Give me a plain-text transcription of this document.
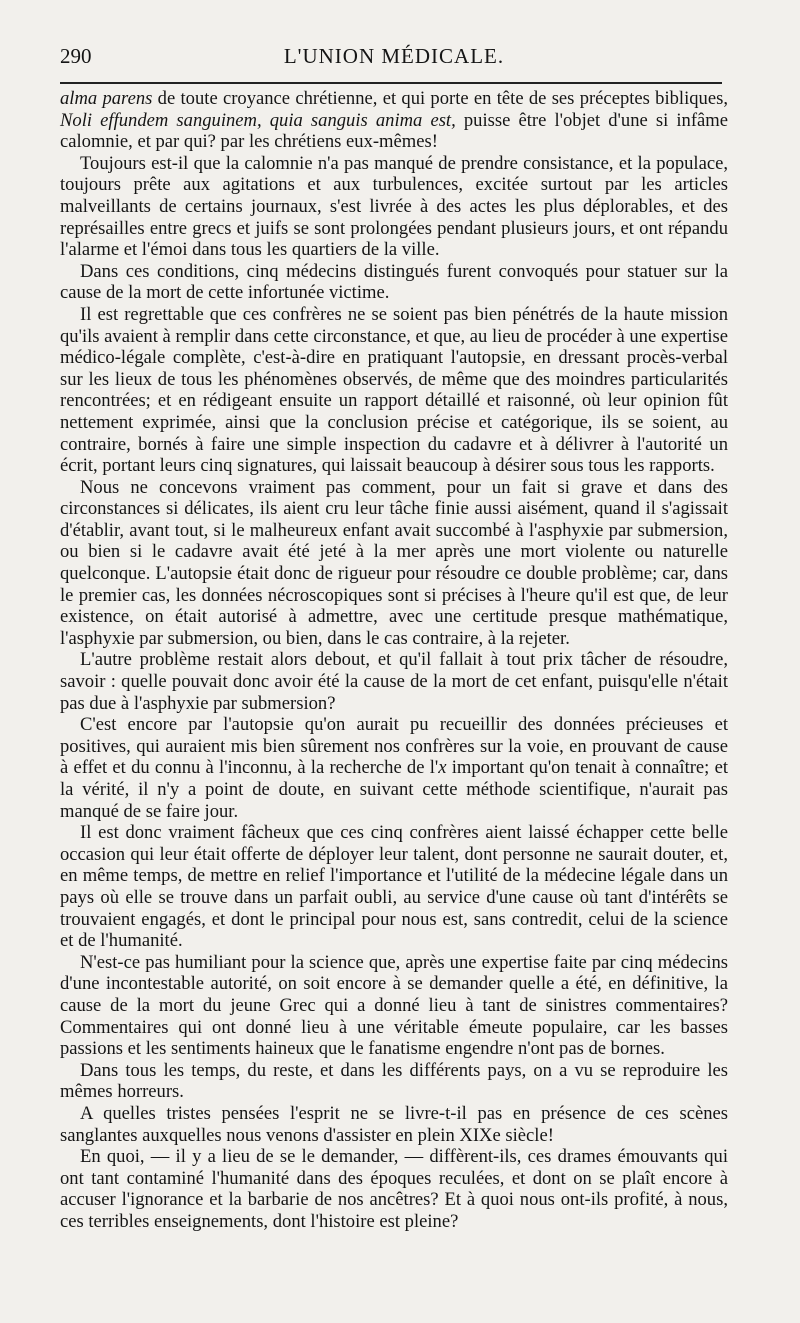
290	L'UNION MÉDICALE.

alma parens de toute croyance chrétienne, et qui porte en tête de ses préceptes bibliques, Noli effundem sanguinem, quia sanguis anima est, puisse être l'objet d'une si infâme calomnie, et par qui? par les chrétiens eux-mêmes!

Toujours est-il que la calomnie n'a pas manqué de prendre consistance, et la populace, toujours prête aux agitations et aux turbulences, excitée surtout par les articles malveillants de certains journaux, s'est livrée à des actes les plus déplorables, et des représailles entre grecs et juifs se sont prolongées pendant plusieurs jours, et ont répandu l'alarme et l'émoi dans tous les quartiers de la ville.

Dans ces conditions, cinq médecins distingués furent convoqués pour statuer sur la cause de la mort de cette infortunée victime.

Il est regrettable que ces confrères ne se soient pas bien pénétrés de la haute mission qu'ils avaient à remplir dans cette circonstance, et que, au lieu de procéder à une expertise médico-légale complète, c'est-à-dire en pratiquant l'autopsie, en dressant procès-verbal sur les lieux de tous les phénomènes observés, de même que des moindres particularités rencontrées; et en rédigeant ensuite un rapport détaillé et raisonné, où leur opinion fût nettement exprimée, ainsi que la conclusion précise et catégorique, ils se soient, au contraire, bornés à faire une simple inspection du cadavre et à délivrer à l'autorité un écrit, portant leurs cinq signatures, qui laissait beaucoup à désirer sous tous les rapports.

Nous ne concevons vraiment pas comment, pour un fait si grave et dans des circonstances si délicates, ils aient cru leur tâche finie aussi aisément, quand il s'agissait d'établir, avant tout, si le malheureux enfant avait succombé à l'asphyxie par submersion, ou bien si le cadavre avait été jeté à la mer après une mort violente ou naturelle quelconque. L'autopsie était donc de rigueur pour résoudre ce double problème; car, dans le premier cas, les données nécroscopiques sont si précises à l'heure qu'il est que, de leur existence, on était autorisé à admettre, avec une certitude presque mathématique, l'asphyxie par submersion, ou bien, dans le cas contraire, à la rejeter.

L'autre problème restait alors debout, et qu'il fallait à tout prix tâcher de résoudre, savoir : quelle pouvait donc avoir été la cause de la mort de cet enfant, puisqu'elle n'était pas due à l'asphyxie par submersion?

C'est encore par l'autopsie qu'on aurait pu recueillir des données précieuses et positives, qui auraient mis bien sûrement nos confrères sur la voie, en prouvant de cause à effet et du connu à l'inconnu, à la recherche de l'x important qu'on tenait à connaître; et la vérité, il n'y a point de doute, en suivant cette méthode scientifique, n'aurait pas manqué de se faire jour.

Il est donc vraiment fâcheux que ces cinq confrères aient laissé échapper cette belle occasion qui leur était offerte de déployer leur talent, dont personne ne saurait douter, et, en même temps, de mettre en relief l'importance et l'utilité de la médecine légale dans un pays où elle se trouve dans un parfait oubli, au service d'une cause où tant d'intérêts se trouvaient engagés, et dont le principal pour nous est, sans contredit, celui de la science et de l'humanité.

N'est-ce pas humiliant pour la science que, après une expertise faite par cinq médecins d'une incontestable autorité, on soit encore à se demander quelle a été, en définitive, la cause de la mort du jeune Grec qui a donné lieu à tant de sinistres commentaires? Commentaires qui ont donné lieu à une véritable émeute populaire, car les basses passions et les sentiments haineux que le fanatisme engendre n'ont pas de bornes.

Dans tous les temps, du reste, et dans les différents pays, on a vu se reproduire les mêmes horreurs.

A quelles tristes pensées l'esprit ne se livre-t-il pas en présence de ces scènes sanglantes auxquelles nous venons d'assister en plein XIXe siècle!

En quoi, — il y a lieu de se le demander, — diffèrent-ils, ces drames émouvants qui ont tant contaminé l'humanité dans des époques reculées, et dont on se plaît encore à accuser l'ignorance et la barbarie de nos ancêtres? Et à quoi nous ont-ils profité, à nous, ces terribles enseignements, dont l'histoire est pleine?
